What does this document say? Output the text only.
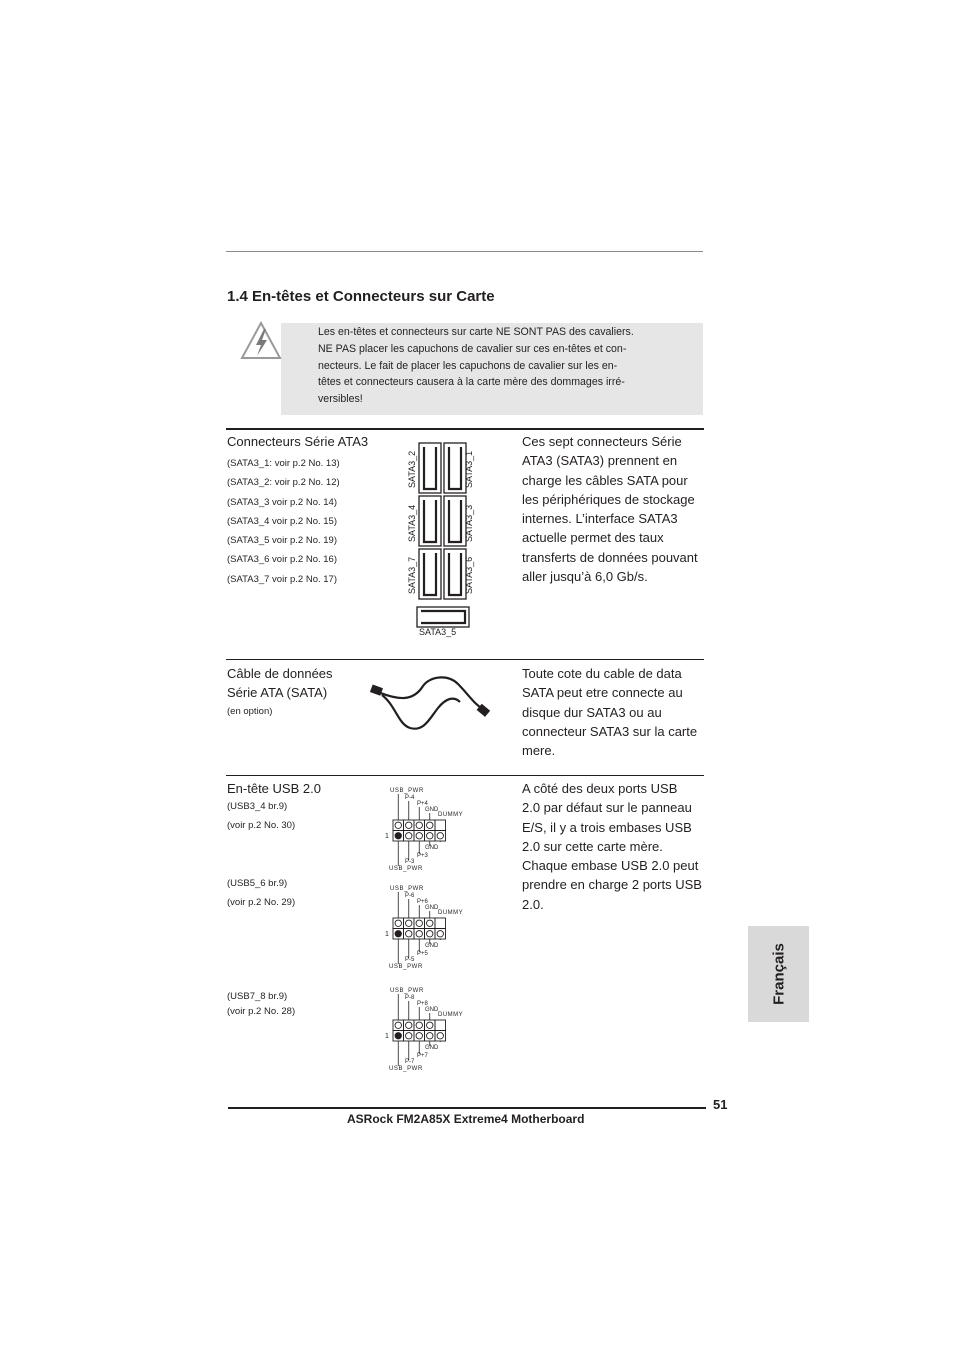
1.4 En-têtes et Connecteurs sur Carte
Les en-têtes et connecteurs sur carte NE SONT PAS des cavaliers.
NE PAS placer les capuchons de cavalier sur ces en-têtes et con-
necteurs. Le fait de placer les capuchons de cavalier sur les en-
têtes et connecteurs causera à la carte mère des dommages irré-
versibles!
Connecteurs Série ATA3
(SATA3_1: voir p.2 No. 13)
(SATA3_2: voir p.2 No. 12)
(SATA3_3 voir p.2 No. 14)
(SATA3_4 voir p.2 No. 15)
(SATA3_5 voir p.2 No. 19)
(SATA3_6 voir p.2 No. 16)
(SATA3_7 voir p.2 No. 17)
SATA3_2	SATA3_1
SATA3_4	SATA3_3
SATA3_7	SATA3_6
SATA3_5
Ces sept connecteurs Série
ATA3 (SATA3) prennent en
charge les câbles SATA pour
les périphériques de stockage
internes. L’interface SATA3
actuelle permet des taux
transferts de données pouvant
aller jusqu’à 6,0 Gb/s.
Câble de données
Série ATA (SATA)
(en option)
Toute cote du cable de data
SATA peut etre connecte au
disque dur SATA3 ou au
connecteur SATA3 sur la carte
mere.
En-tête USB 2.0
(USB3_4 br.9)
(voir p.2 No. 30)
(USB5_6 br.9)
(voir p.2 No. 29)
(USB7_8 br.9)
(voir p.2 No. 28)
USB_PWR
P-4
P+4
GND
DUMMY
1
GND
P+3
P-3
USB_PWR
USB_PWR
P-6
P+6
GND
DUMMY
1
GND
P+5
P-5
USB_PWR
USB_PWR
P-8
P+8
GND
DUMMY
1
GND
P+7
P-7
USB_PWR
A côté des deux ports USB
2.0 par défaut sur le panneau
E/S, il y a trois embases USB
2.0 sur cette carte mère.
Chaque embase USB 2.0 peut
prendre en charge 2 ports USB
2.0.
Français
51
ASRock FM2A85X Extreme4 Motherboard
